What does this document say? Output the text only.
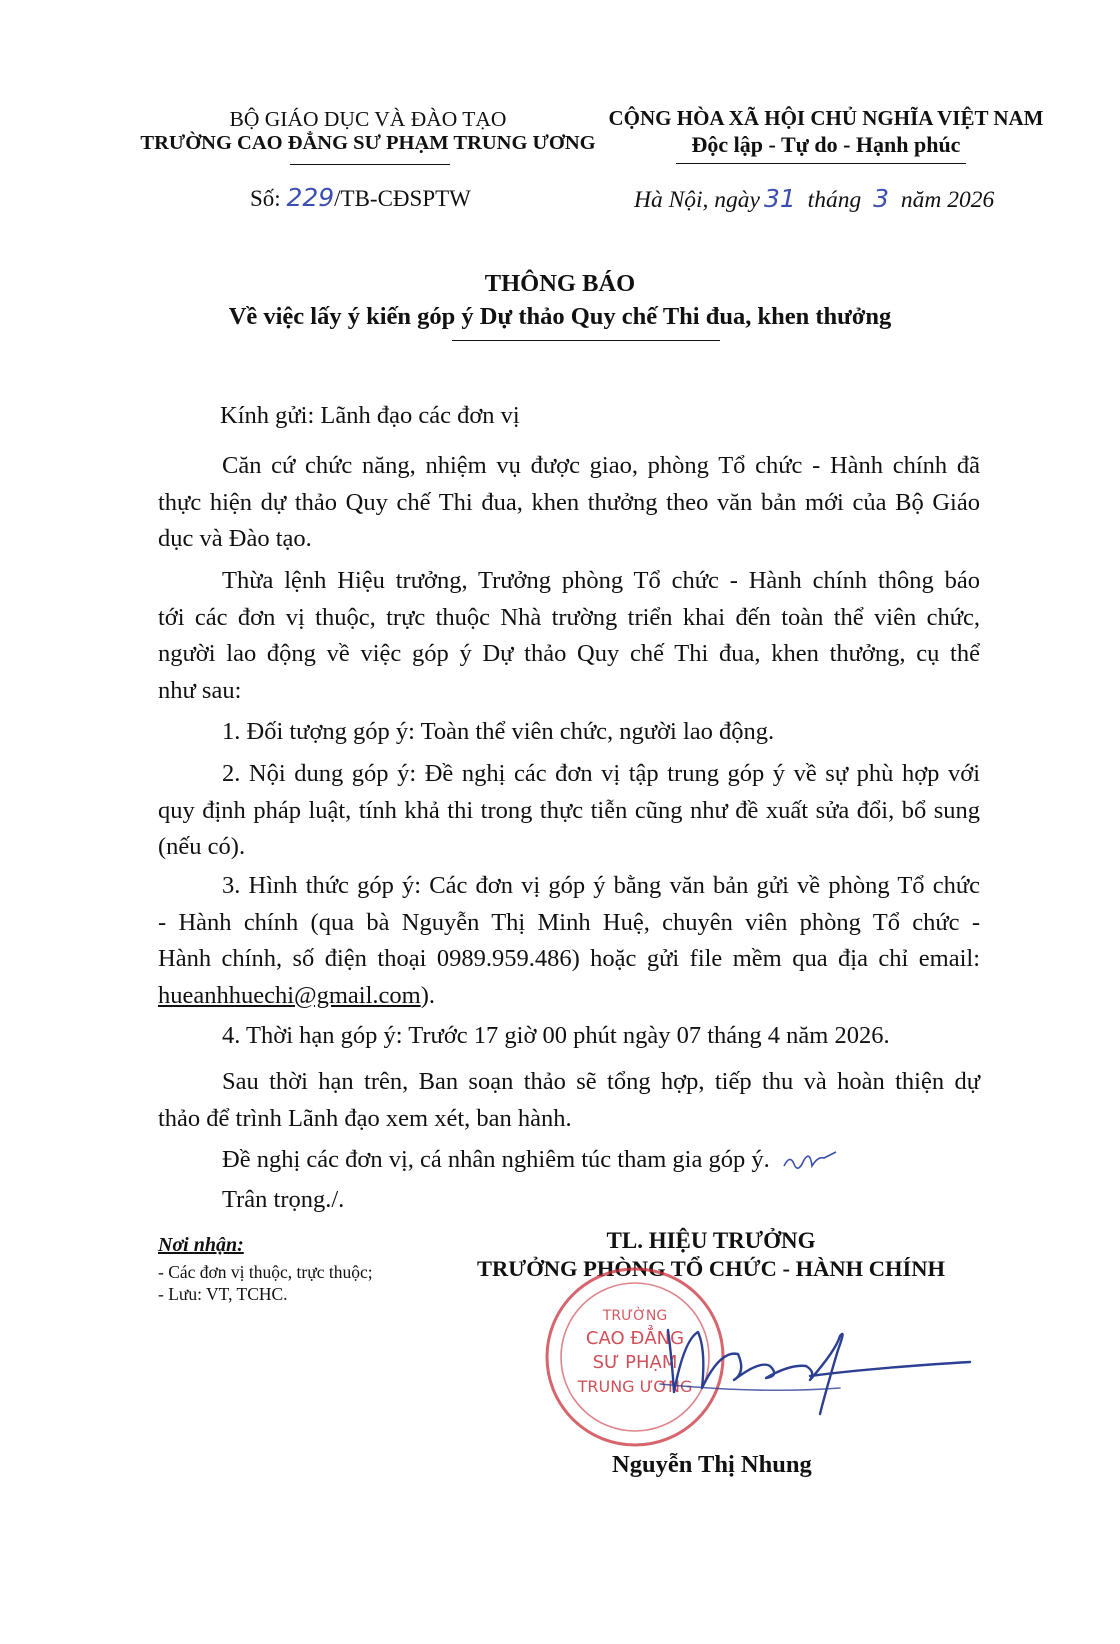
BỘ GIÁO DỤC VÀ ĐÀO TẠO
TRƯỜNG CAO ĐẲNG SƯ PHẠM TRUNG ƯƠNG
Số: 229/TB-CĐSPTW
CỘNG HÒA XÃ HỘI CHỦ NGHĨA VIỆT NAM
Độc lập - Tự do - Hạnh phúc
Hà Nội, ngày 31 tháng 3 năm 2026
THÔNG BÁO
Về việc lấy ý kiến góp ý Dự thảo Quy chế Thi đua, khen thưởng
Kính gửi: Lãnh đạo các đơn vị
Căn cứ chức năng, nhiệm vụ được giao, phòng Tổ chức - Hành chính đã
thực hiện dự thảo Quy chế Thi đua, khen thưởng theo văn bản mới của Bộ Giáo
dục và Đào tạo.
Thừa lệnh Hiệu trưởng, Trưởng phòng Tổ chức - Hành chính thông báo
tới các đơn vị thuộc, trực thuộc Nhà trường triển khai đến toàn thể viên chức,
người lao động về việc góp ý Dự thảo Quy chế Thi đua, khen thưởng, cụ thể
như sau:
1. Đối tượng góp ý: Toàn thể viên chức, người lao động.
2. Nội dung góp ý: Đề nghị các đơn vị tập trung góp ý về sự phù hợp với
quy định pháp luật, tính khả thi trong thực tiễn cũng như đề xuất sửa đổi, bổ sung
(nếu có).
3. Hình thức góp ý: Các đơn vị góp ý bằng văn bản gửi về phòng Tổ chức
- Hành chính (qua bà Nguyễn Thị Minh Huệ, chuyên viên phòng Tổ chức -
Hành chính, số điện thoại 0989.959.486) hoặc gửi file mềm qua địa chỉ email:
hueanhhuechi@gmail.com).
4. Thời hạn góp ý: Trước 17 giờ 00 phút ngày 07 tháng 4 năm 2026.
Sau thời hạn trên, Ban soạn thảo sẽ tổng hợp, tiếp thu và hoàn thiện dự
thảo để trình Lãnh đạo xem xét, ban hành.
Đề nghị các đơn vị, cá nhân nghiêm túc tham gia góp ý.
Trân trọng./.
Nơi nhận:
- Các đơn vị thuộc, trực thuộc;
- Lưu: VT, TCHC.
TL. HIỆU TRƯỞNG
TRƯỞNG PHÒNG TỔ CHỨC - HÀNH CHÍNH
TRƯỜNG
CAO ĐẲNG
SƯ PHẠM
TRUNG ƯƠNG
Nguyễn Thị Nhung
